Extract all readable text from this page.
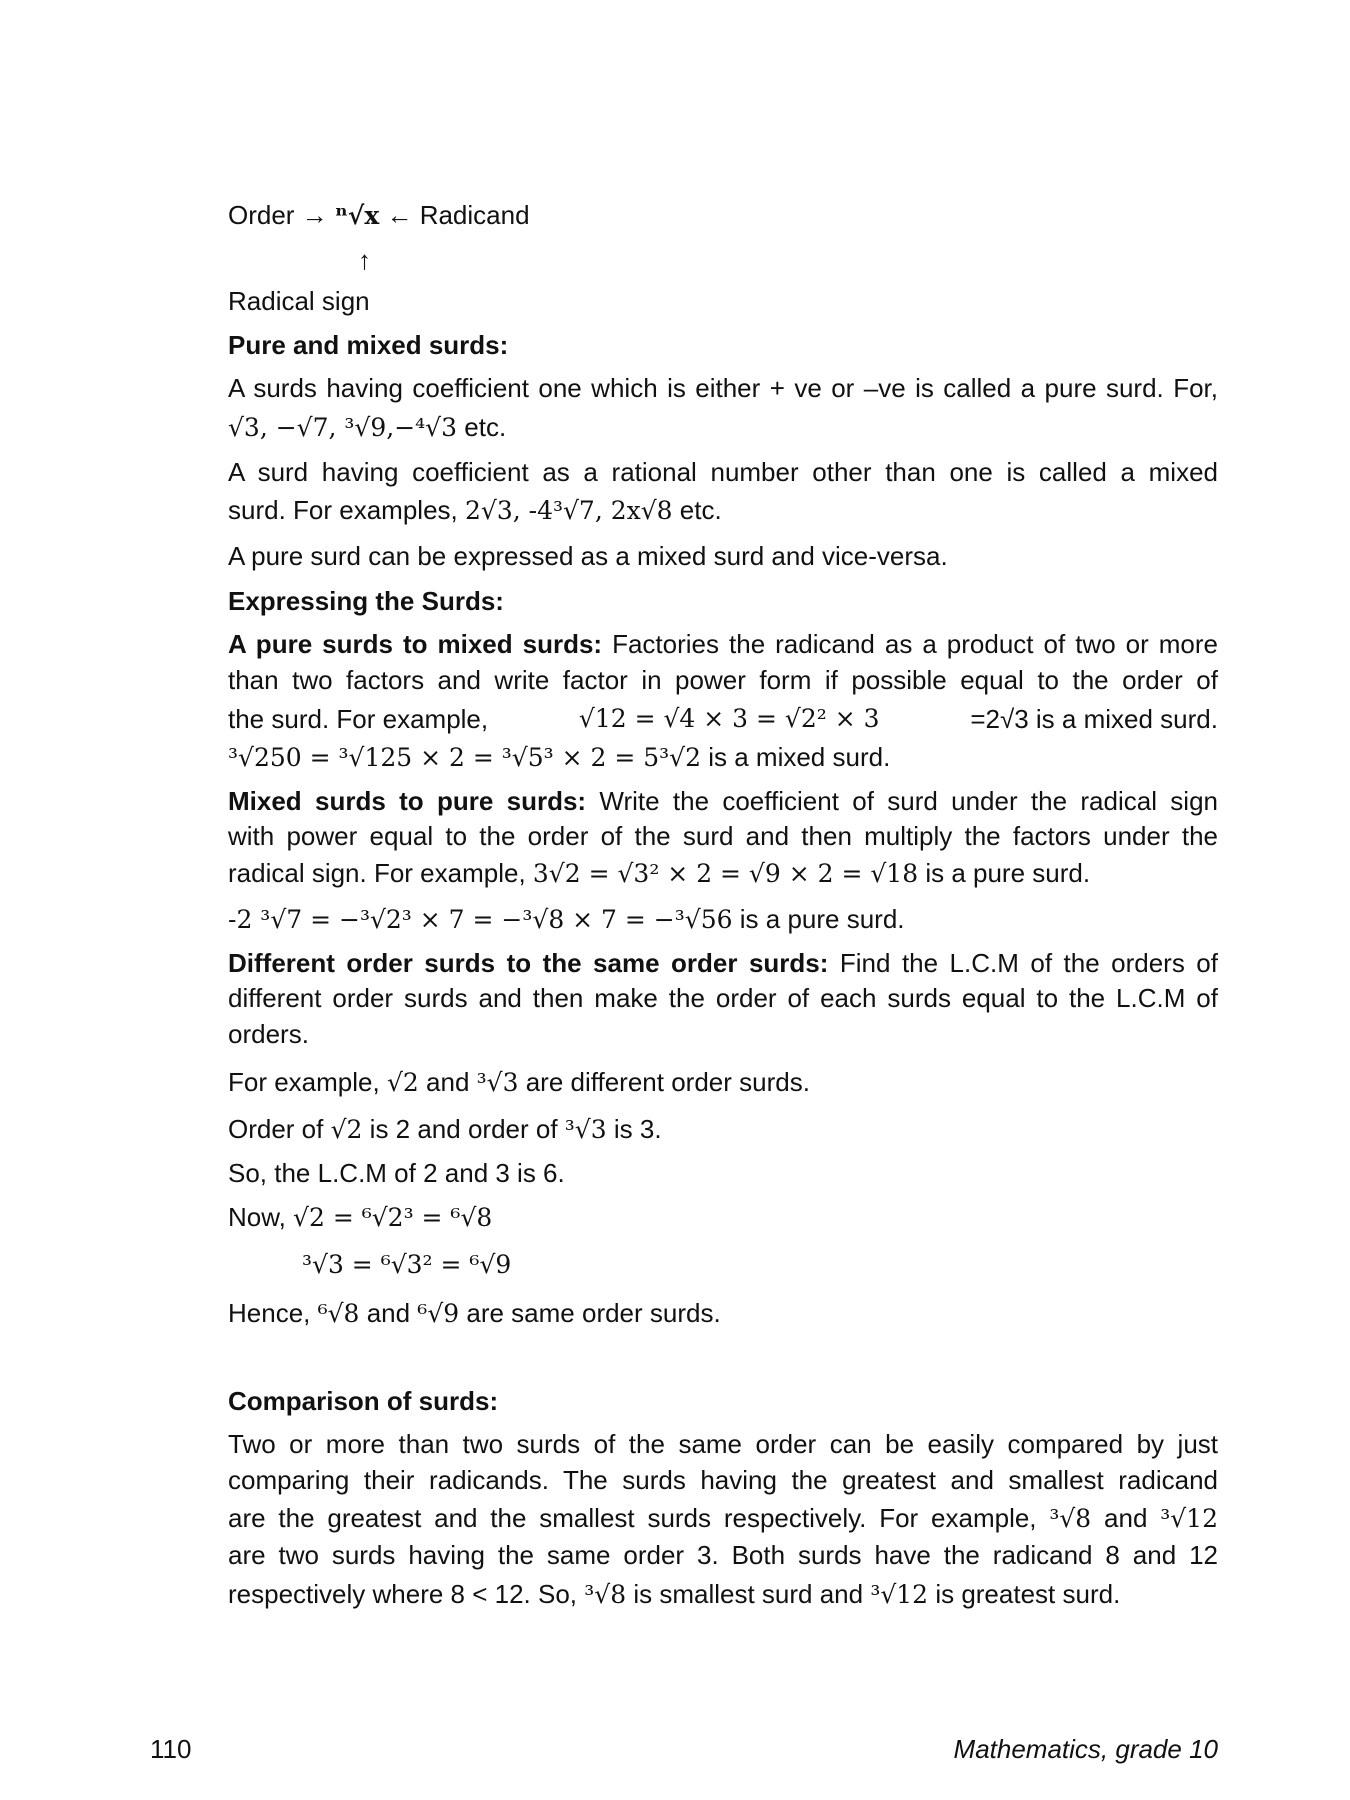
Order → ⁿ√x ← Radicand
↑
Radical sign
Pure and mixed surds:
A surds having coefficient one which is either + ve or –ve is called a pure surd. For,
√3, −√7, ³√9,−⁴√3 etc.
A surd having coefficient as a rational number other than one is called a mixed
surd. For examples, 2√3, -4³√7, 2x√8 etc.
A pure surd can be expressed as a mixed surd and vice-versa.
Expressing the Surds:
A pure surds to mixed surds: Factories the radicand as a product of two or more
than two factors and write factor in power form if possible equal to the order of
the surd. For example,	√12 = √4 × 3 = √2² × 3	=2√3 is a mixed surd.
³√250 = ³√125 × 2 = ³√5³ × 2 = 5³√2 is a mixed surd.
Mixed surds to pure surds: Write the coefficient of surd under the radical sign
with power equal to the order of the surd and then multiply the factors under the
radical sign. For example, 3√2 = √3² × 2 = √9 × 2 = √18 is a pure surd.
-2 ³√7 = −³√2³ × 7 = −³√8 × 7 = −³√56 is a pure surd.
Different order surds to the same order surds: Find the L.C.M of the orders of
different order surds and then make the order of each surds equal to the L.C.M of
orders.
For example, √2 and ³√3 are different order surds.
Order of √2 is 2 and order of ³√3 is 3.
So, the L.C.M of 2 and 3 is 6.
Now, √2 = ⁶√2³ = ⁶√8
³√3 = ⁶√3² = ⁶√9
Hence, ⁶√8 and ⁶√9 are same order surds.
Comparison of surds:
Two or more than two surds of the same order can be easily compared by just
comparing their radicands. The surds having the greatest and smallest radicand
are the greatest and the smallest surds respectively. For example, ³√8 and ³√12
are two surds having the same order 3. Both surds have the radicand 8 and 12
respectively where 8 < 12. So, ³√8 is smallest surd and ³√12 is greatest surd.
110	Mathematics, grade 10
